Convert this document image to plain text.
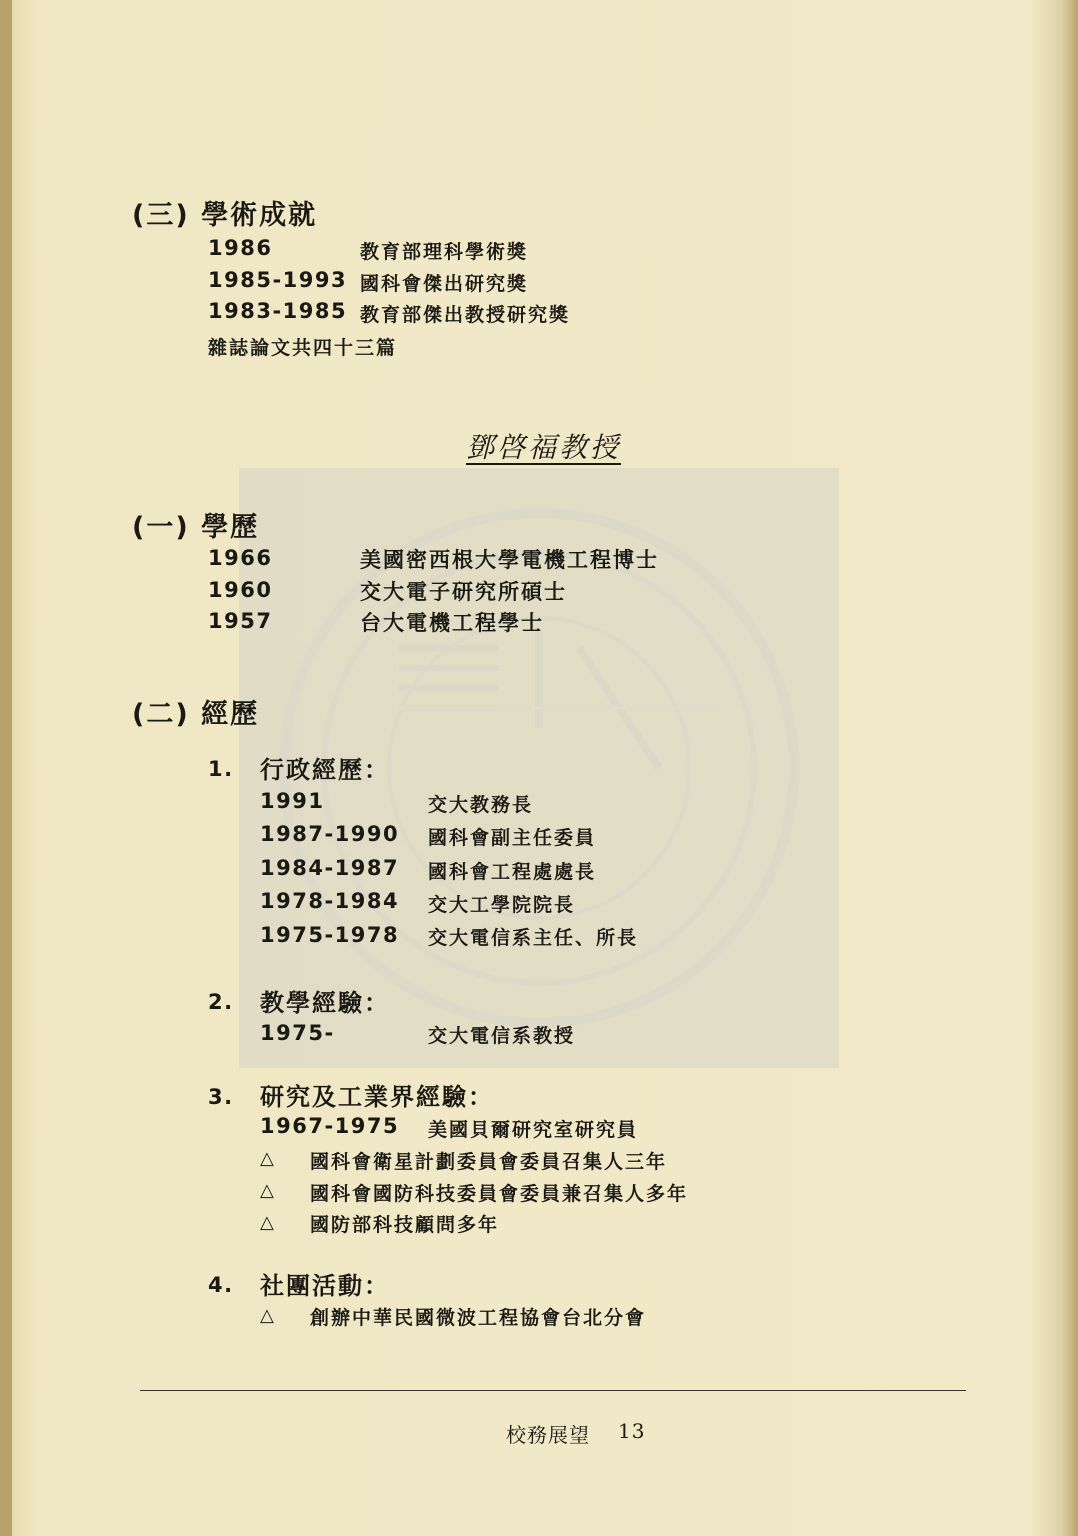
(三) 學術成就
1986	教育部理科學術獎
1985-1993 國科會傑出研究獎
1983-1985 教育部傑出教授研究獎
雜誌論文共四十三篇
鄧啓福教授
(一) 學歷
1966	美國密西根大學電機工程博士
1960	交大電子研究所碩士
1957	台大電機工程學士
(二) 經歷
1. 行政經歷：
1991	交大教務長
1987-1990 國科會副主任委員
1984-1987 國科會工程處處長
1978-1984 交大工學院院長
1975-1978 交大電信系主任、所長
2. 教學經驗：
1975-	交大電信系教授
3. 研究及工業界經驗：
1967-1975 美國貝爾研究室研究員
△ 國科會衛星計劃委員會委員召集人三年
△ 國科會國防科技委員會委員兼召集人多年
△ 國防部科技顧問多年
4. 社團活動：
△ 創辦中華民國微波工程協會台北分會
校務展望 13
